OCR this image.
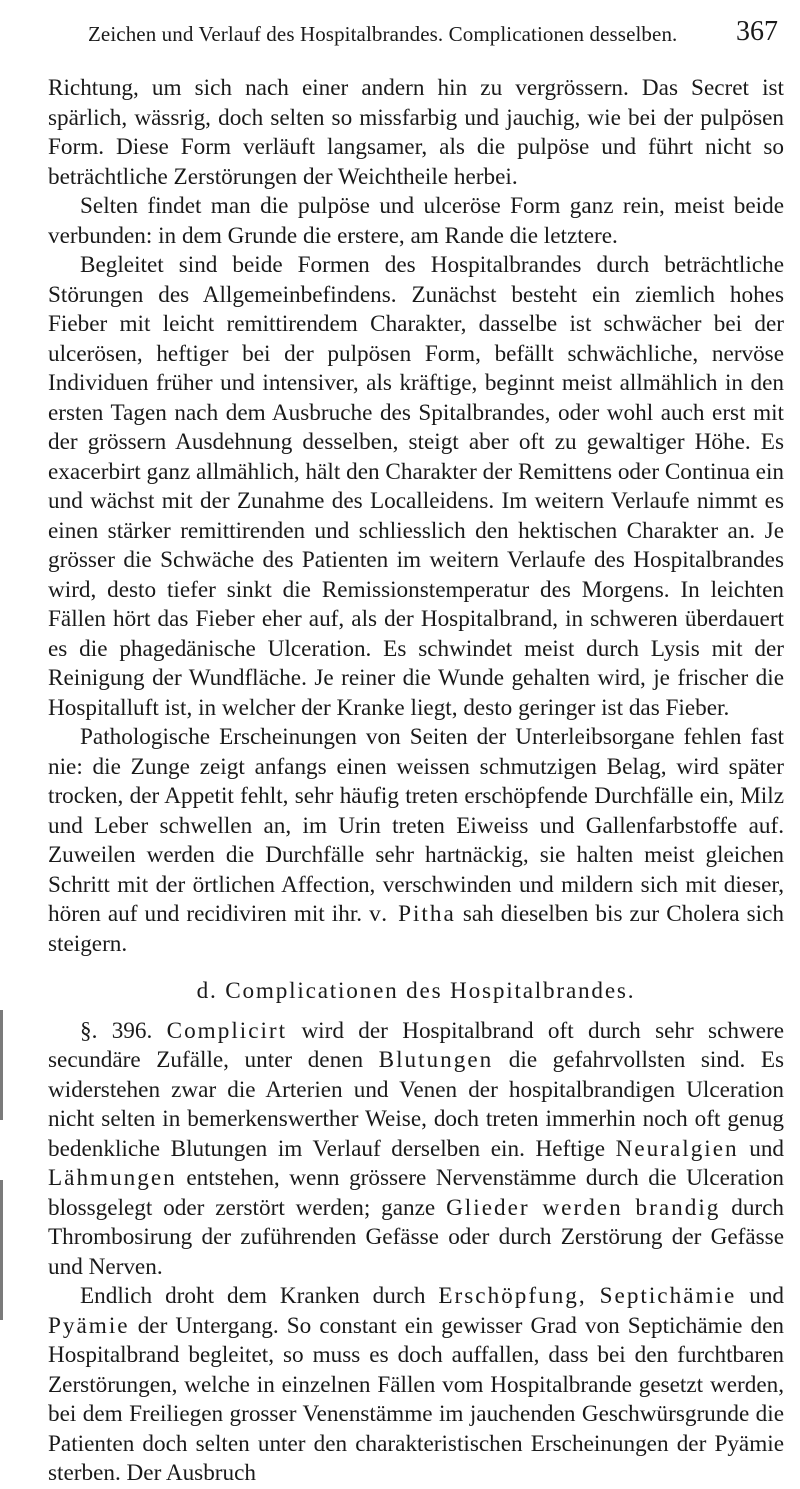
Zeichen und Verlauf des Hospitalbrandes. Complicationen desselben. 367

Richtung, um sich nach einer andern hin zu vergrössern. Das Secret ist spärlich, wässrig, doch selten so missfarbig und jauchig, wie bei der pulpösen Form. Diese Form verläuft langsamer, als die pulpöse und führt nicht so beträchtliche Zerstörungen der Weichtheile herbei.

Selten findet man die pulpöse und ulceröse Form ganz rein, meist beide verbunden: in dem Grunde die erstere, am Rande die letztere.

Begleitet sind beide Formen des Hospitalbrandes durch beträchtliche Störungen des Allgemeinbefindens. Zunächst besteht ein ziemlich hohes Fieber mit leicht remittirendem Charakter, dasselbe ist schwächer bei der ulcerösen, heftiger bei der pulpösen Form, befällt schwächliche, nervöse Individuen früher und intensiver, als kräftige, beginnt meist allmählich in den ersten Tagen nach dem Ausbruche des Spitalbrandes, oder wohl auch erst mit der grössern Ausdehnung desselben, steigt aber oft zu gewaltiger Höhe. Es exacerbirt ganz allmählich, hält den Charakter der Remittens oder Continua ein und wächst mit der Zunahme des Localleidens. Im weitern Verlaufe nimmt es einen stärker remittirenden und schliesslich den hektischen Charakter an. Je grösser die Schwäche des Patienten im weitern Verlaufe des Hospitalbrandes wird, desto tiefer sinkt die Remissionstemperatur des Morgens. In leichten Fällen hört das Fieber eher auf, als der Hospitalbrand, in schweren überdauert es die phagedänische Ulceration. Es schwindet meist durch Lysis mit der Reinigung der Wundfläche. Je reiner die Wunde gehalten wird, je frischer die Hospitalluft ist, in welcher der Kranke liegt, desto geringer ist das Fieber.

Pathologische Erscheinungen von Seiten der Unterleibsorgane fehlen fast nie: die Zunge zeigt anfangs einen weissen schmutzigen Belag, wird später trocken, der Appetit fehlt, sehr häufig treten erschöpfende Durchfälle ein, Milz und Leber schwellen an, im Urin treten Eiweiss und Gallenfarbstoffe auf. Zuweilen werden die Durchfälle sehr hartnäckig, sie halten meist gleichen Schritt mit der örtlichen Affection, verschwinden und mildern sich mit dieser, hören auf und recidiviren mit ihr. v. Pitha sah dieselben bis zur Cholera sich steigern.

d. Complicationen des Hospitalbrandes.

§. 396. Complicirt wird der Hospitalbrand oft durch sehr schwere secundäre Zufälle, unter denen Blutungen die gefahrvollsten sind. Es widerstehen zwar die Arterien und Venen der hospitalbrandigen Ulceration nicht selten in bemerkenswerther Weise, doch treten immerhin noch oft genug bedenkliche Blutungen im Verlauf derselben ein. Heftige Neuralgien und Lähmungen entstehen, wenn grössere Nervenstämme durch die Ulceration blossgelegt oder zerstört werden; ganze Glieder werden brandig durch Thrombosirung der zuführenden Gefässe oder durch Zerstörung der Gefässe und Nerven.

Endlich droht dem Kranken durch Erschöpfung, Septichämie und Pyämie der Untergang. So constant ein gewisser Grad von Septichämie den Hospitalbrand begleitet, so muss es doch auffallen, dass bei den furchtbaren Zerstörungen, welche in einzelnen Fällen vom Hospitalbrande gesetzt werden, bei dem Freiliegen grosser Venenstämme im jauchenden Geschwürsgrunde die Patienten doch selten unter den charakteristischen Erscheinungen der Pyämie sterben. Der Ausbruch
